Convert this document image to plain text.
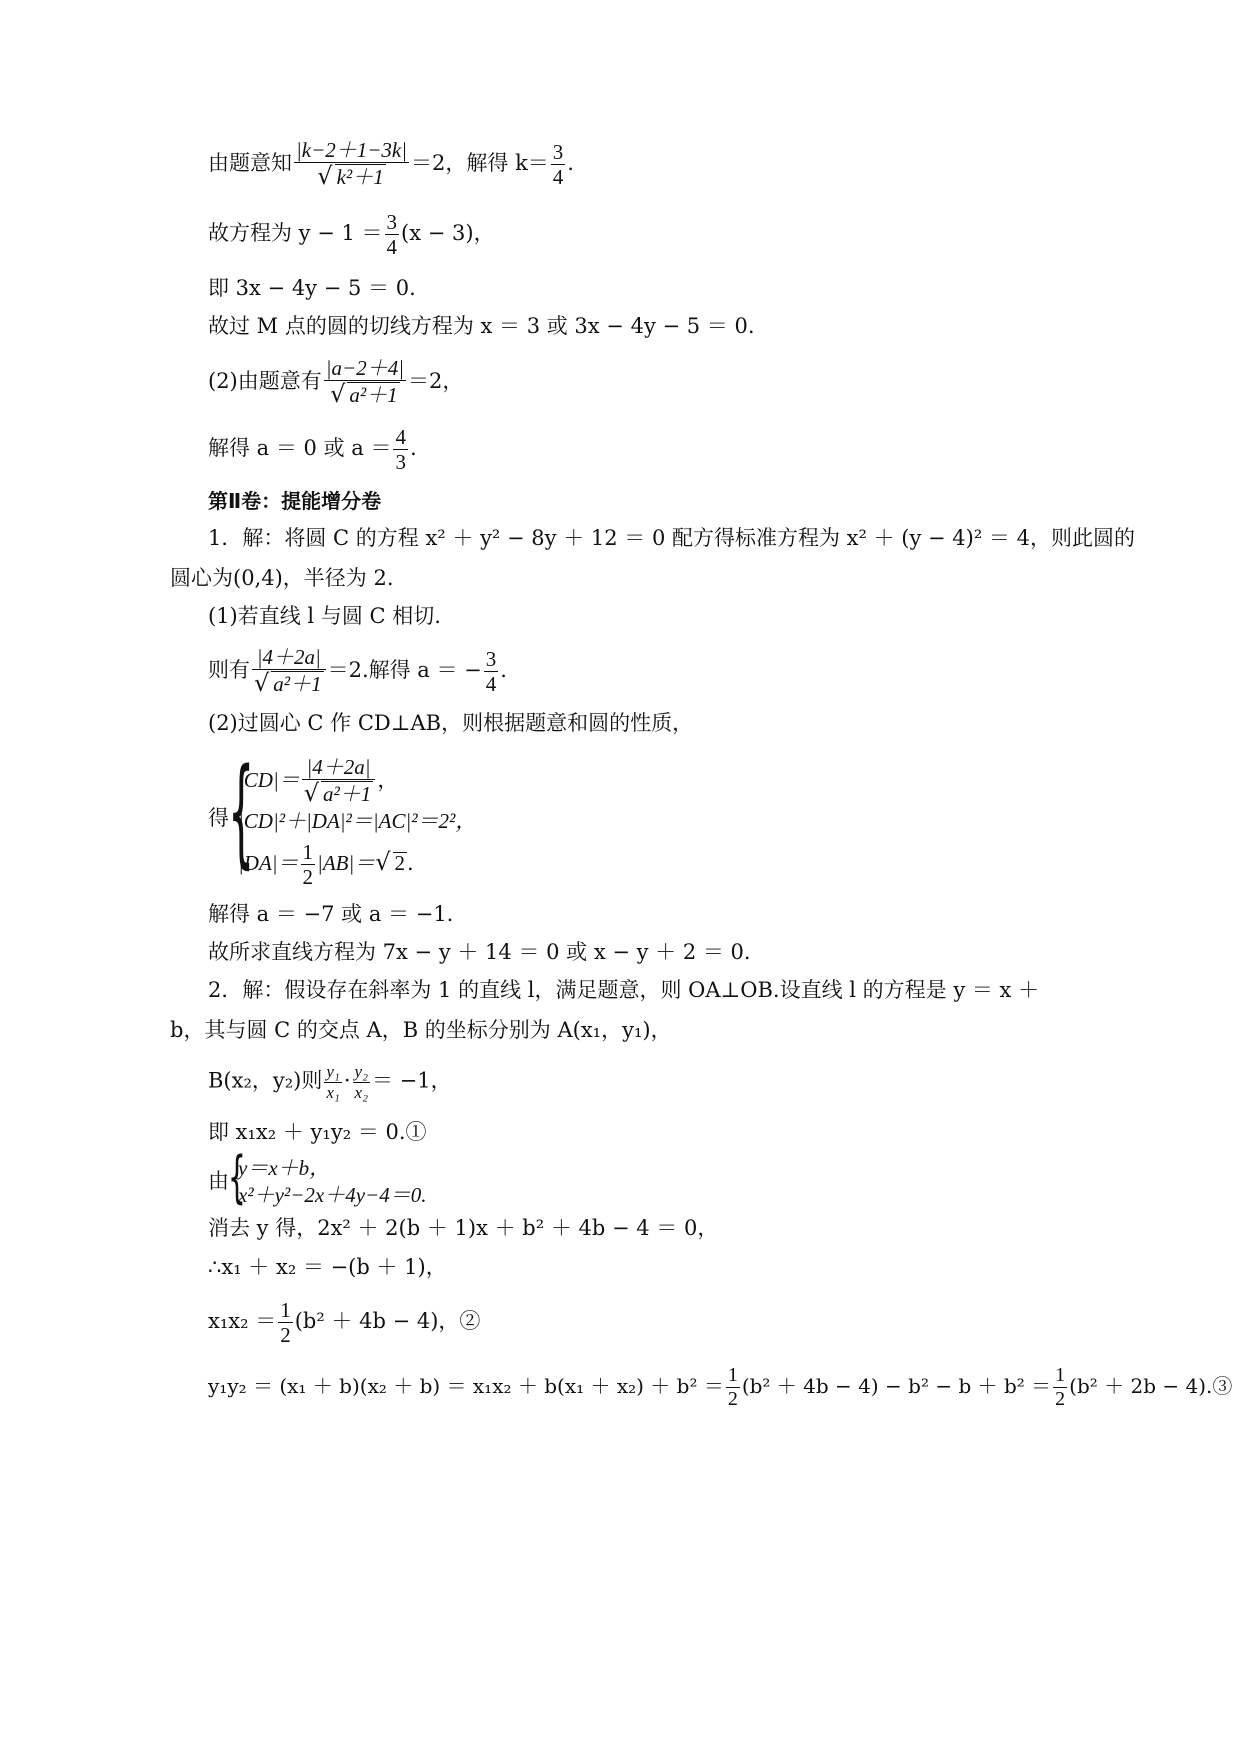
由题意知 $\frac{|k-2+1-3k|}{\text{√ k²＋1}} =2$，解得 $k= \frac{3}{4}$ .
故方程为 $y - 1 = \frac{3}{4} (x - 3)$，
即 3x − 4y − 5 ＝ 0.
故过 M 点的圆的切线方程为 x ＝ 3 或 3x − 4y − 5 ＝ 0.
(2)由题意有 $\frac{|a-2+4|}{\text{√ a²＋1}} =2$，
解得 a ＝ 0 或 $a = \frac{4}{3}$ .
第Ⅱ卷：提能增分卷
1．解：将圆 C 的方程 x² ＋ y² − 8y ＋ 12 ＝ 0 配方得标准方程为 x² ＋ (y − 4)² ＝ 4，则此圆的
圆心为(0,4)，半径为 2.
(1)若直线 l 与圆 C 相切.
则有 $\frac{|4+2a|}{\text{√ a²＋1}} =2$.解得 a ＝ − $\frac{3}{4}$ .
(2)过圆心 C 作 CD⊥AB，则根据题意和圆的性质，
得 {
$|CD|= \frac{|4+2a|}{\text{√ a²＋1}}$ ，
|CD|²＋|DA|²＝|AC|²＝2²，
$|DA|= \frac{1}{2} |AB|=√$ 2.
解得 a ＝ −7 或 a ＝ −1.
故所求直线方程为 7x − y ＋ 14 ＝ 0 或 x − y ＋ 2 ＝ 0.
2．解：假设存在斜率为 1 的直线 l，满足题意，则 OA⊥OB.设直线 l 的方程是 y ＝ x ＋
b，其与圆 C 的交点 A，B 的坐标分别为 A(x₁，y₁)，
B(x₂，y₂)则 $\frac{\text{y₁}}{\text{x₁}} \cdot \frac{\text{y₂}}{\text{x₂}} = -1$，
即 x₁x₂ ＋ y₁y₂ ＝ 0.①
由 {
y＝x＋b，
x²＋y²−2x＋4y−4＝0.
消去 y 得，2x² ＋ 2(b ＋ 1)x ＋ b² ＋ 4b − 4 ＝ 0，
∴x₁ ＋ x₂ ＝ −(b ＋ 1)，
$x_1x_2 = \frac{1}{2} (b^2 + 4b - 4)$，②
$y_1y_2 = (x_1 + b)(x_2 + b) = x_1x_2 + b(x_1 + x_2) + b^2 = \frac{1}{2} (b^2 + 4b - 4) - b^2 - b + b^2 = \frac{1}{2} (b^2 + 2b$ − 4).③
